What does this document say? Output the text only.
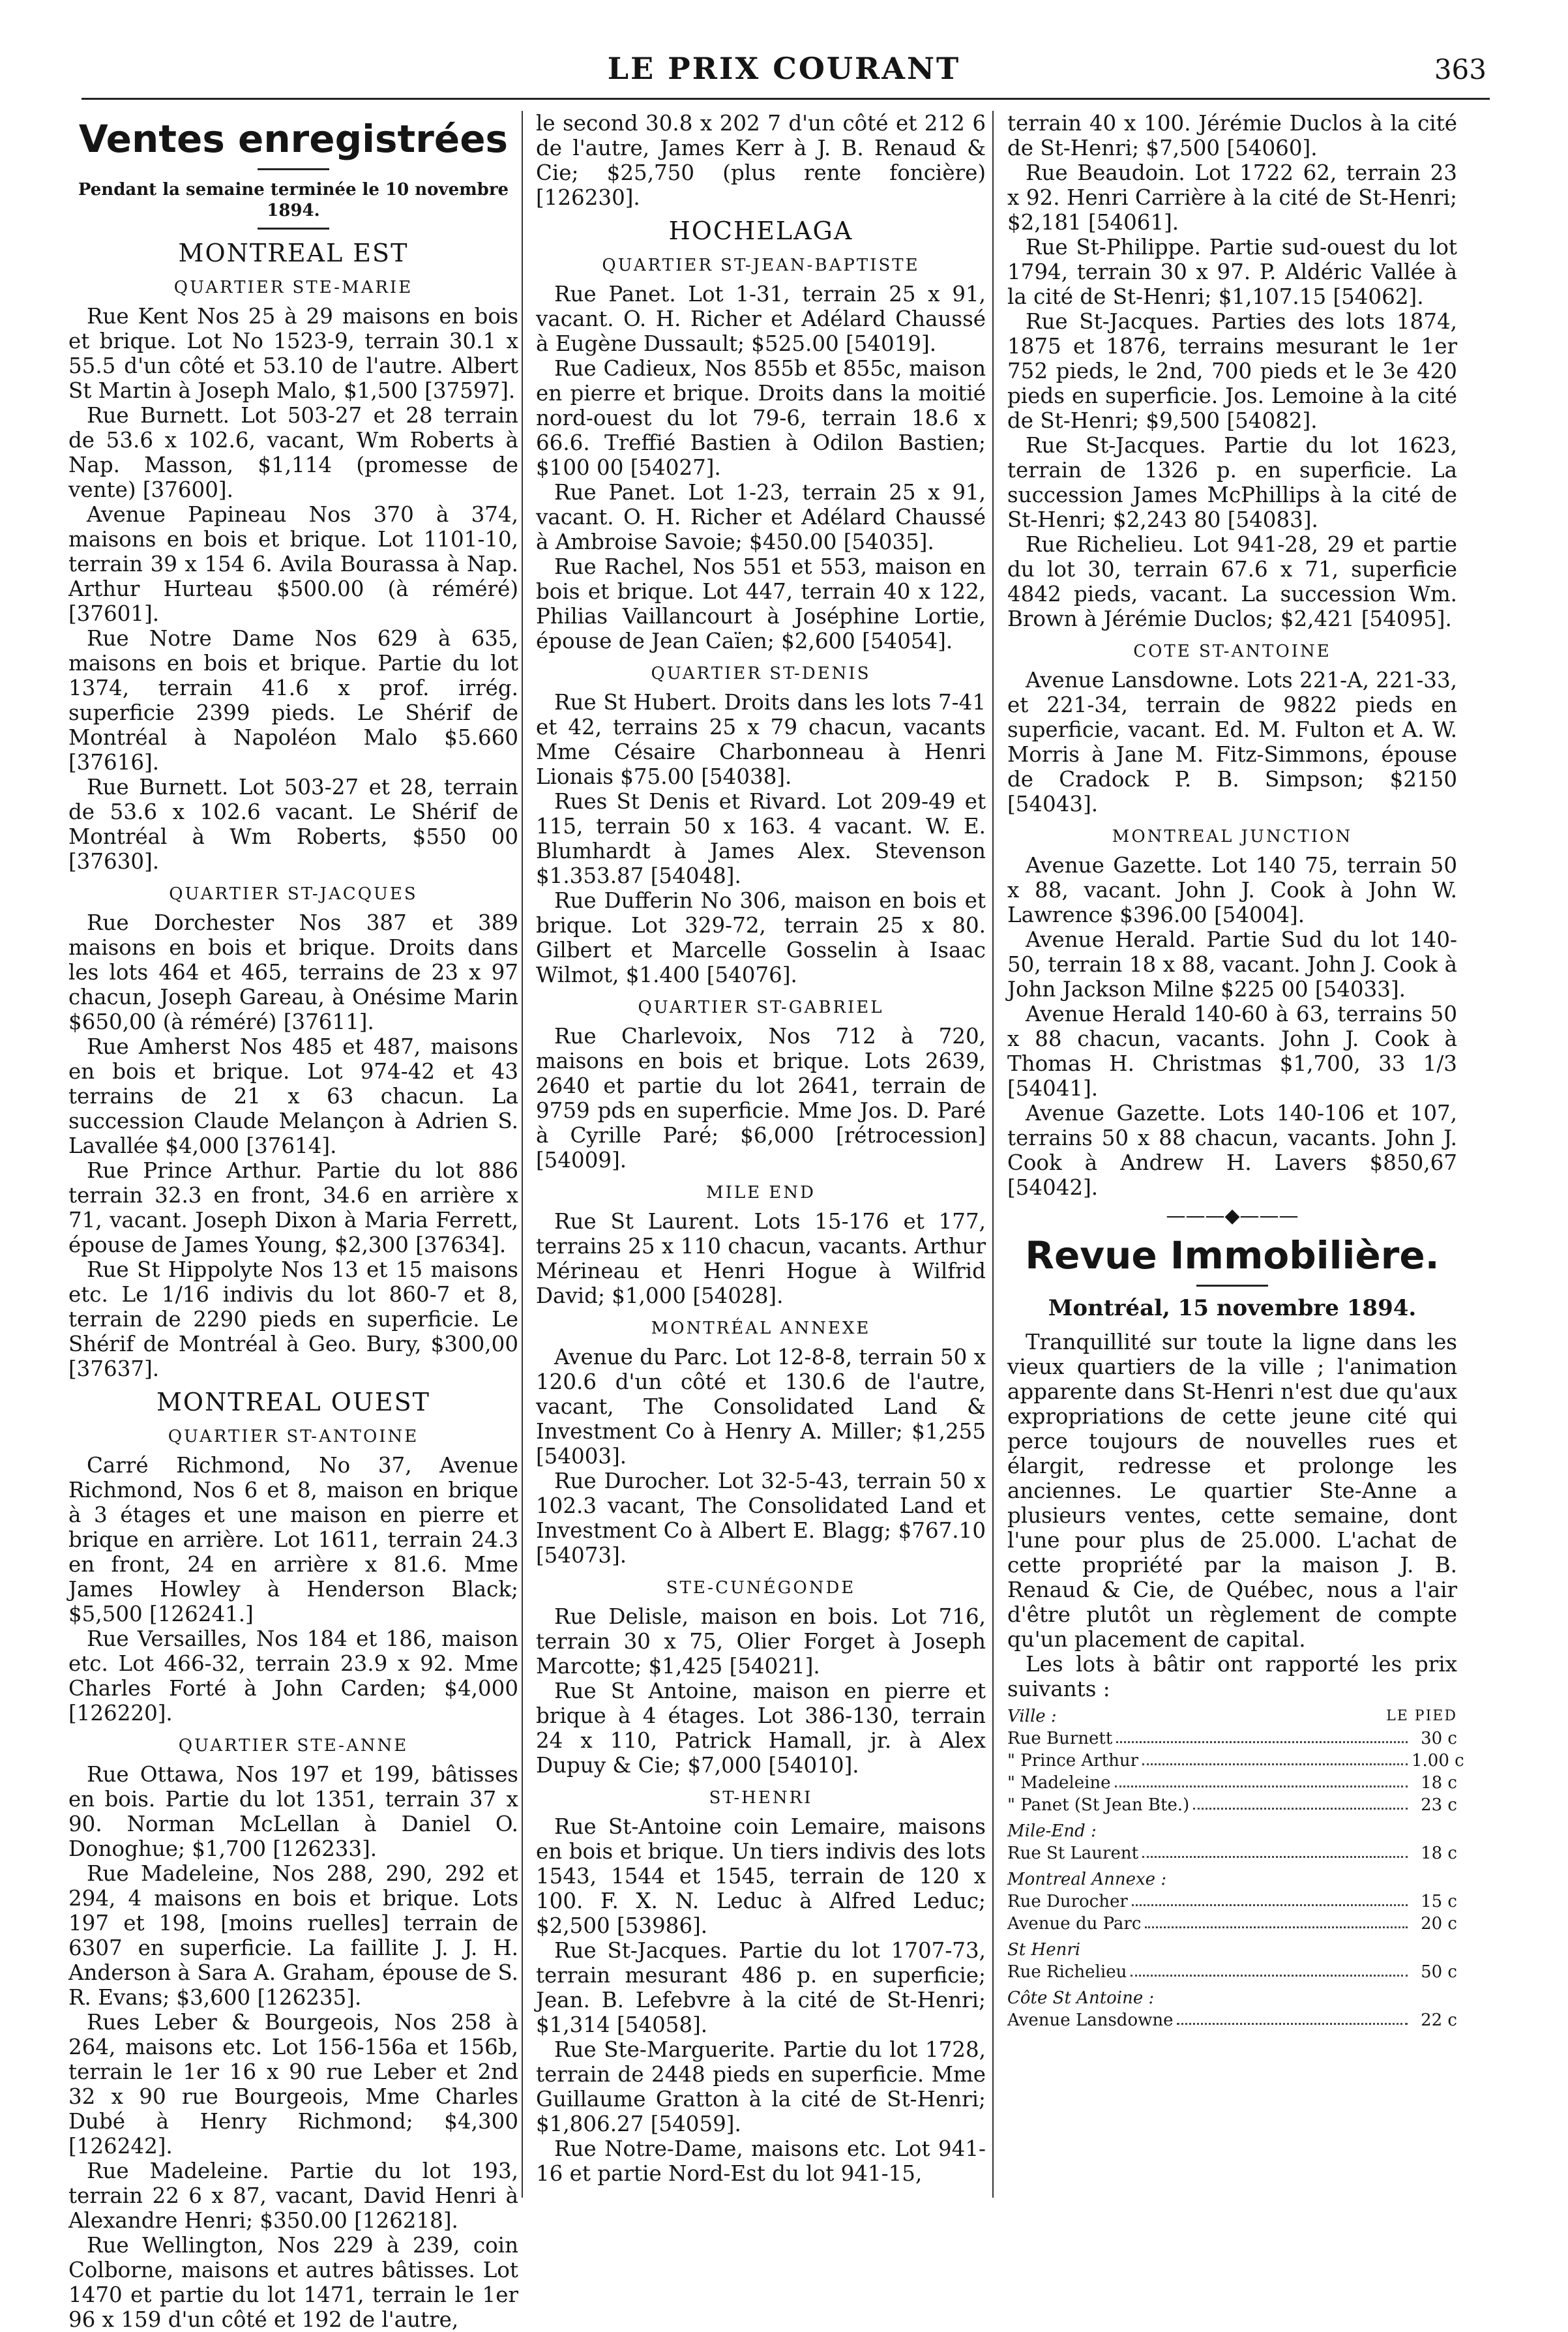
LE PRIX COURANT	363
Ventes enregistrées
Pendant la semaine terminée le 10 novembre 1894.
MONTREAL EST
QUARTIER STE-MARIE

Rue Kent Nos 25 à 29 maisons en bois et brique. Lot No 1523-9, terrain 30.1 x 55.5 d'un côté et 53.10 de l'autre. Albert St Martin à Joseph Malo, $1,500 [37597].

Rue Burnett. Lot 503-27 et 28 terrain de 53.6 x 102.6, vacant, Wm Roberts à Nap. Masson, $1,114 (promesse de vente) [37600].

Avenue Papineau Nos 370 à 374, maisons en bois et brique. Lot 1101-10, terrain 39 x 154 6. Avila Bourassa à Nap. Arthur Hurteau $500.00 (à réméré) [37601].

Rue Notre Dame Nos 629 à 635, maisons en bois et brique. Partie du lot 1374, terrain 41.6 x prof. irrég. superficie 2399 pieds. Le Shérif de Montréal à Napoléon Malo $5.660 [37616].

Rue Burnett. Lot 503-27 et 28, terrain de 53.6 x 102.6 vacant. Le Shérif de Montréal à Wm Roberts, $550 00 [37630].

QUARTIER ST-JACQUES

Rue Dorchester Nos 387 et 389 maisons en bois et brique. Droits dans les lots 464 et 465, terrains de 23 x 97 chacun, Joseph Gareau, à Onésime Marin $650,00 (à réméré) [37611].

Rue Amherst Nos 485 et 487, maisons en bois et brique. Lot 974-42 et 43 terrains de 21 x 63 chacun. La succession Claude Melançon à Adrien S. Lavallée $4,000 [37614].

Rue Prince Arthur. Partie du lot 886 terrain 32.3 en front, 34.6 en arrière x 71, vacant. Joseph Dixon à Maria Ferrett, épouse de James Young, $2,300 [37634].

Rue St Hippolyte Nos 13 et 15 maisons etc. Le 1/16 indivis du lot 860-7 et 8, terrain de 2290 pieds en superficie. Le Shérif de Montréal à Geo. Bury, $300,00 [37637].

MONTREAL OUEST
QUARTIER ST-ANTOINE

Carré Richmond, No 37, Avenue Richmond, Nos 6 et 8, maison en brique à 3 étages et une maison en pierre et brique en arrière. Lot 1611, terrain 24.3 en front, 24 en arrière x 81.6. Mme James Howley à Henderson Black; $5,500 [126241.]

Rue Versailles, Nos 184 et 186, maison etc. Lot 466-32, terrain 23.9 x 92. Mme Charles Forté à John Carden; $4,000 [126220].

QUARTIER STE-ANNE

Rue Ottawa, Nos 197 et 199, bâtisses en bois. Partie du lot 1351, terrain 37 x 90. Norman McLellan à Daniel O. Donoghue; $1,700 [126233].

Rue Madeleine, Nos 288, 290, 292 et 294, 4 maisons en bois et brique. Lots 197 et 198, [moins ruelles] terrain de 6307 en superficie. La faillite J. J. H. Anderson à Sara A. Graham, épouse de S. R. Evans; $3,600 [126235].

Rues Leber & Bourgeois, Nos 258 à 264, maisons etc. Lot 156-156a et 156b, terrain le 1er 16 x 90 rue Leber et 2nd 32 x 90 rue Bourgeois, Mme Charles Dubé à Henry Richmond; $4,300 [126242].

Rue Madeleine. Partie du lot 193, terrain 22 6 x 87, vacant, David Henri à Alexandre Henri; $350.00 [126218].

Rue Wellington, Nos 229 à 239, coin Colborne, maisons et autres bâtisses. Lot 1470 et partie du lot 1471, terrain le 1er 96 x 159 d'un côté et 192 de l'autre,

le second 30.8 x 202 7 d'un côté et 212 6 de l'autre, James Kerr à J. B. Renaud & Cie; $25,750 (plus rente foncière) [126230].

HOCHELAGA
QUARTIER ST-JEAN-BAPTISTE

Rue Panet. Lot 1-31, terrain 25 x 91, vacant. O. H. Richer et Adélard Chaussé à Eugène Dussault; $525.00 [54019].

Rue Cadieux, Nos 855b et 855c, maison en pierre et brique. Droits dans la moitié nord-ouest du lot 79-6, terrain 18.6 x 66.6. Treffié Bastien à Odilon Bastien; $100 00 [54027].

Rue Panet. Lot 1-23, terrain 25 x 91, vacant. O. H. Richer et Adélard Chaussé à Ambroise Savoie; $450.00 [54035].

Rue Rachel, Nos 551 et 553, maison en bois et brique. Lot 447, terrain 40 x 122, Philias Vaillancourt à Joséphine Lortie, épouse de Jean Caïen; $2,600 [54054].

QUARTIER ST-DENIS

Rue St Hubert. Droits dans les lots 7-41 et 42, terrains 25 x 79 chacun, vacants Mme Césaire Charbonneau à Henri Lionais $75.00 [54038].

Rues St Denis et Rivard. Lot 209-49 et 115, terrain 50 x 163. 4 vacant. W. E. Blumhardt à James Alex. Stevenson $1.353.87 [54048].

Rue Dufferin No 306, maison en bois et brique. Lot 329-72, terrain 25 x 80. Gilbert et Marcelle Gosselin à Isaac Wilmot, $1.400 [54076].

QUARTIER ST-GABRIEL

Rue Charlevoix, Nos 712 à 720, maisons en bois et brique. Lots 2639, 2640 et partie du lot 2641, terrain de 9759 pds en superficie. Mme Jos. D. Paré à Cyrille Paré; $6,000 [rétrocession] [54009].

MILE END

Rue St Laurent. Lots 15-176 et 177, terrains 25 x 110 chacun, vacants. Arthur Mérineau et Henri Hogue à Wilfrid David; $1,000 [54028].

MONTRÉAL ANNEXE

Avenue du Parc. Lot 12-8-8, terrain 50 x 120.6 d'un côté et 130.6 de l'autre, vacant, The Consolidated Land & Investment Co à Henry A. Miller; $1,255 [54003].

Rue Durocher. Lot 32-5-43, terrain 50 x 102.3 vacant, The Consolidated Land et Investment Co à Albert E. Blagg; $767.10 [54073].

STE-CUNÉGONDE

Rue Delisle, maison en bois. Lot 716, terrain 30 x 75, Olier Forget à Joseph Marcotte; $1,425 [54021].

Rue St Antoine, maison en pierre et brique à 4 étages. Lot 386-130, terrain 24 x 110, Patrick Hamall, jr. à Alex Dupuy & Cie; $7,000 [54010].

ST-HENRI

Rue St-Antoine coin Lemaire, maisons en bois et brique. Un tiers indivis des lots 1543, 1544 et 1545, terrain de 120 x 100. F. X. N. Leduc à Alfred Leduc; $2,500 [53986].

Rue St-Jacques. Partie du lot 1707-73, terrain mesurant 486 p. en superficie; Jean. B. Lefebvre à la cité de St-Henri; $1,314 [54058].

Rue Ste-Marguerite. Partie du lot 1728, terrain de 2448 pieds en superficie. Mme Guillaume Gratton à la cité de St-Henri; $1,806.27 [54059].

Rue Notre-Dame, maisons etc. Lot 941-16 et partie Nord-Est du lot 941-15,

terrain 40 x 100. Jérémie Duclos à la cité de St-Henri; $7,500 [54060].

Rue Beaudoin. Lot 1722 62, terrain 23 x 92. Henri Carrière à la cité de St-Henri; $2,181 [54061].

Rue St-Philippe. Partie sud-ouest du lot 1794, terrain 30 x 97. P. Aldéric Vallée à la cité de St-Henri; $1,107.15 [54062].

Rue St-Jacques. Parties des lots 1874, 1875 et 1876, terrains mesurant le 1er 752 pieds, le 2nd, 700 pieds et le 3e 420 pieds en superficie. Jos. Lemoine à la cité de St-Henri; $9,500 [54082].

Rue St-Jacques. Partie du lot 1623, terrain de 1326 p. en superficie. La succession James McPhillips à la cité de St-Henri; $2,243 80 [54083].

Rue Richelieu. Lot 941-28, 29 et partie du lot 30, terrain 67.6 x 71, superficie 4842 pieds, vacant. La succession Wm. Brown à Jérémie Duclos; $2,421 [54095].

COTE ST-ANTOINE

Avenue Lansdowne. Lots 221-A, 221-33, et 221-34, terrain de 9822 pieds en superficie, vacant. Ed. M. Fulton et A. W. Morris à Jane M. Fitz-Simmons, épouse de Cradock P. B. Simpson; $2150 [54043].

MONTREAL JUNCTION

Avenue Gazette. Lot 140 75, terrain 50 x 88, vacant. John J. Cook à John W. Lawrence $396.00 [54004].

Avenue Herald. Partie Sud du lot 140-50, terrain 18 x 88, vacant. John J. Cook à John Jackson Milne $225 00 [54033].

Avenue Herald 140-60 à 63, terrains 50 x 88 chacun, vacants. John J. Cook à Thomas H. Christmas $1,700, 33 1/3 [54041].

Avenue Gazette. Lots 140-106 et 107, terrains 50 x 88 chacun, vacants. John J. Cook à Andrew H. Lavers $850,67 [54042].

———◆———
Revue Immobilière.
Montréal, 15 novembre 1894.

Tranquillité sur toute la ligne dans les vieux quartiers de la ville ; l'animation apparente dans St-Henri n'est due qu'aux expropriations de cette jeune cité qui perce toujours de nouvelles rues et élargit, redresse et prolonge les anciennes. Le quartier Ste-Anne a plusieurs ventes, cette semaine, dont l'une pour plus de 25.000. L'achat de cette propriété par la maison J. B. Renaud & Cie, de Québec, nous a l'air d'être plutôt un règlement de compte qu'un placement de capital.

Les lots à bâtir ont rapporté les prix suivants :

Ville :	LE PIED
Rue Burnett	30 c
" Prince Arthur	1.00 c
" Madeleine	18 c
" Panet (St Jean Bte.)	23 c
Mile-End :
Rue St Laurent	18 c
Montreal Annexe :
Rue Durocher	15 c
Avenue du Parc	20 c
St Henri
Rue Richelieu	50 c
Côte St Antoine :
Avenue Lansdowne	22 c
